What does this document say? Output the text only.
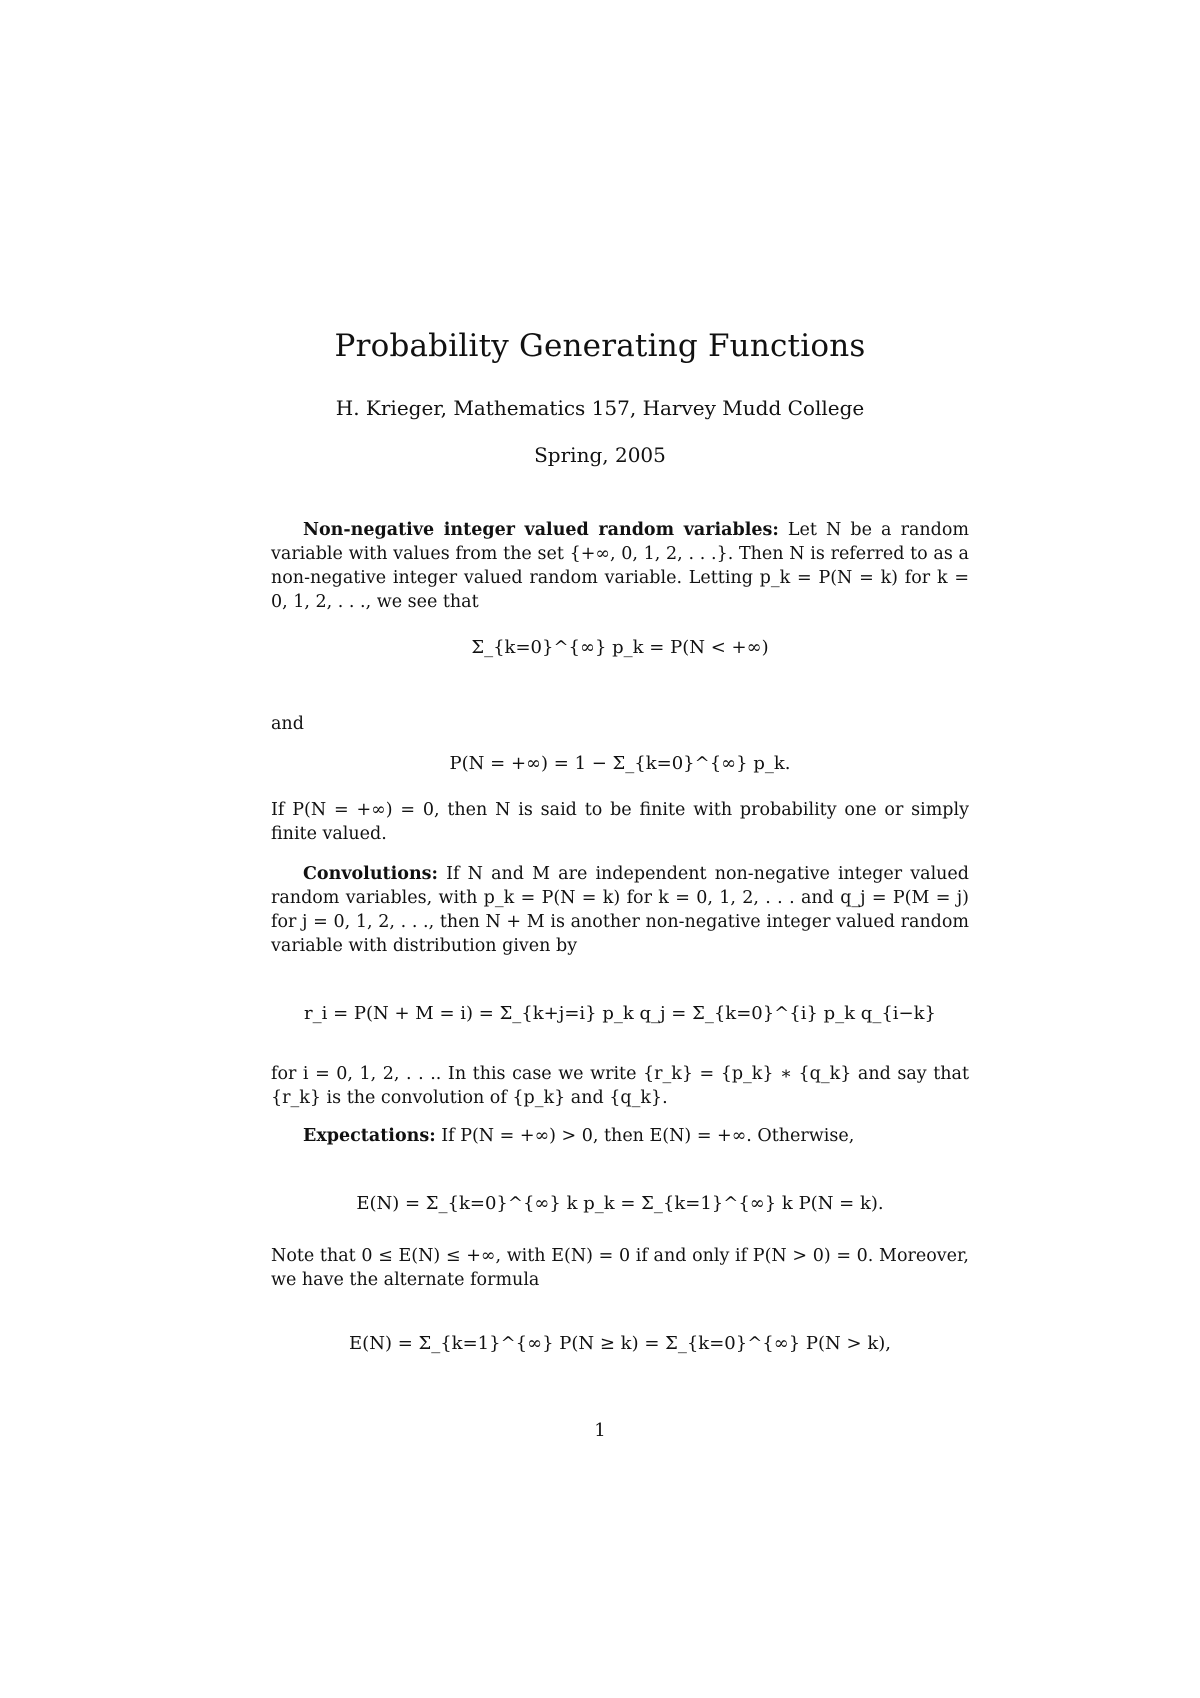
Probability Generating Functions
H. Krieger, Mathematics 157, Harvey Mudd College
Spring, 2005
Non-negative integer valued random variables: Let N be a random variable with values from the set {+∞, 0, 1, 2, . . .}. Then N is referred to as a non-negative integer valued random variable. Letting p_k = P(N = k) for k = 0, 1, 2, . . ., we see that
Σ_{k=0}^{∞} p_k = P(N < +∞)
and
P(N = +∞) = 1 − Σ_{k=0}^{∞} p_k.
If P(N = +∞) = 0, then N is said to be finite with probability one or simply finite valued.
Convolutions: If N and M are independent non-negative integer valued random variables, with p_k = P(N = k) for k = 0, 1, 2, . . . and q_j = P(M = j) for j = 0, 1, 2, . . ., then N + M is another non-negative integer valued random variable with distribution given by
r_i = P(N + M = i) = Σ_{k+j=i} p_k q_j = Σ_{k=0}^{i} p_k q_{i−k}
for i = 0, 1, 2, . . .. In this case we write {r_k} = {p_k} ∗ {q_k} and say that {r_k} is the convolution of {p_k} and {q_k}.
Expectations: If P(N = +∞) > 0, then E(N) = +∞. Otherwise,
E(N) = Σ_{k=0}^{∞} k p_k = Σ_{k=1}^{∞} k P(N = k).
Note that 0 ≤ E(N) ≤ +∞, with E(N) = 0 if and only if P(N > 0) = 0. Moreover, we have the alternate formula
E(N) = Σ_{k=1}^{∞} P(N ≥ k) = Σ_{k=0}^{∞} P(N > k),
1
